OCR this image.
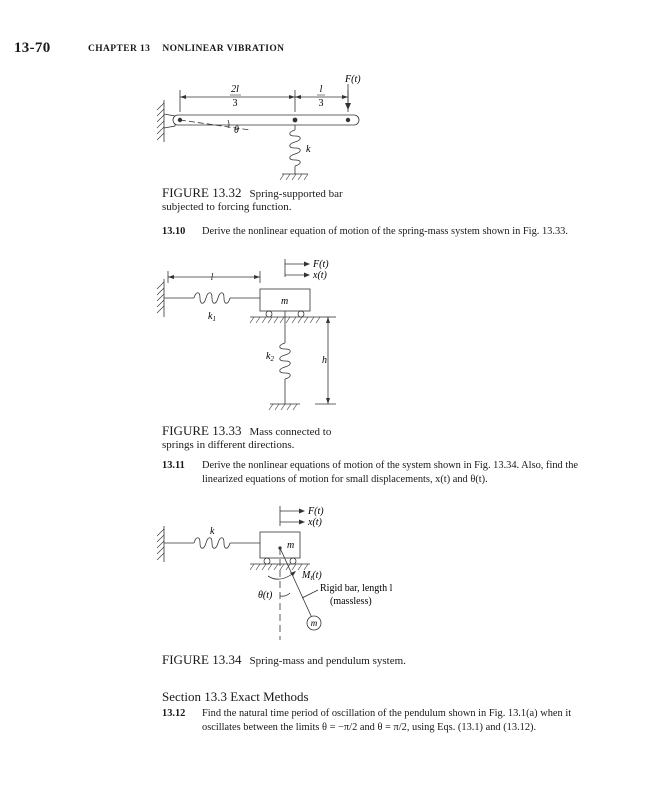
13-70	CHAPTER 13 NONLINEAR VIBRATION
2l
3
l
3
F(t)
θ
k
FIGURE 13.32 Spring-supported bar
subjected to forcing function.
13.10 Derive the nonlinear equation of motion of the spring-mass system shown in Fig. 13.33.
l
F(t)
x(t)
m
$k_1$
$k_2$	h
FIGURE 13.33 Mass connected to
springs in different directions.
13.11 Derive the nonlinear equations of motion of the system shown in Fig. 13.34. Also, find the
linearized equations of motion for small displacements, x(t) and θ(t).
F(t)
x(t)
k
m
$M_t(t)$
θ(t)
Rigid bar, length l
(massless)
m
FIGURE 13.34 Spring-mass and pendulum system.
Section 13.3 Exact Methods
13.12 Find the natural time period of oscillation of the pendulum shown in Fig. 13.1(a) when it
oscillates between the limits θ = −π/2 and θ = π/2, using Eqs. (13.1) and (13.12).
